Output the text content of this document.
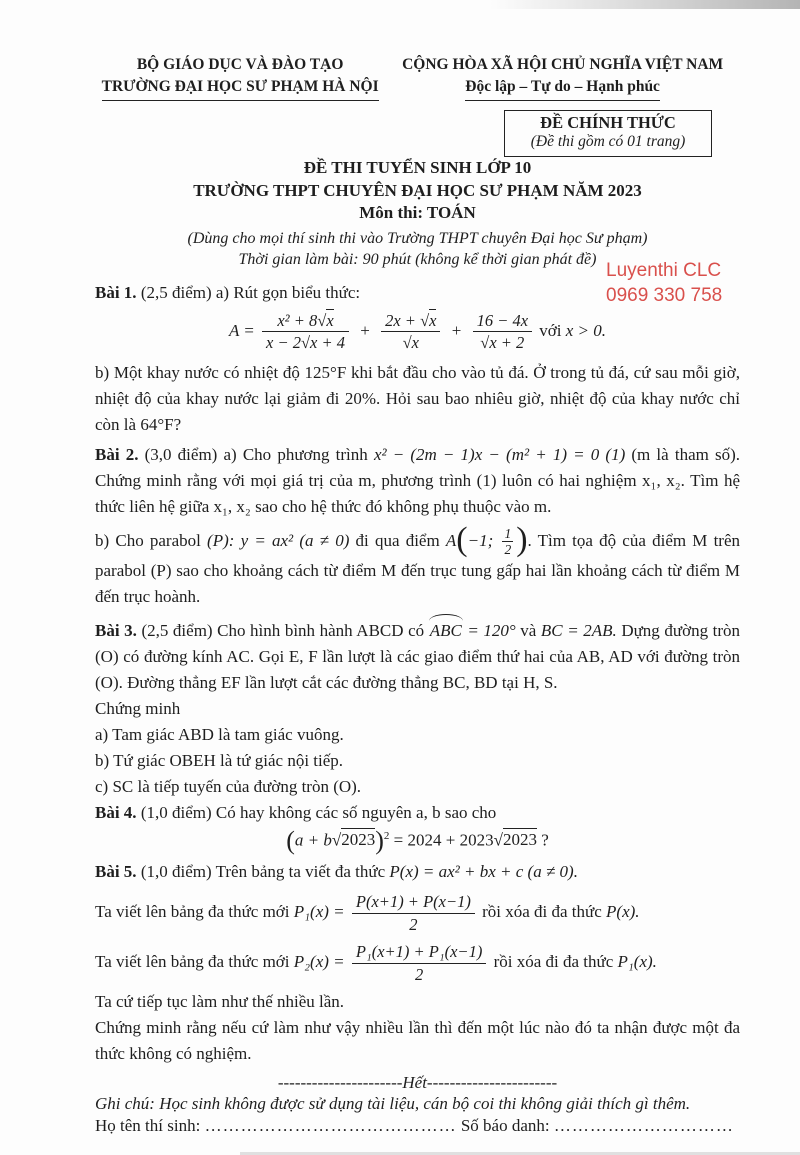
Luyenthi CLC
0969 330 758
BỘ GIÁO DỤC VÀ ĐÀO TẠO
TRƯỜNG ĐẠI HỌC SƯ PHẠM HÀ NỘI
CỘNG HÒA XÃ HỘI CHỦ NGHĨA VIỆT NAM
Độc lập – Tự do – Hạnh phúc
ĐỀ CHÍNH THỨC
(Đề thi gồm có 01 trang)
ĐỀ THI TUYỂN SINH LỚP 10
TRƯỜNG THPT CHUYÊN ĐẠI HỌC SƯ PHẠM NĂM 2023
Môn thi: TOÁN
(Dùng cho mọi thí sinh thi vào Trường THPT chuyên Đại học Sư phạm)
Thời gian làm bài: 90 phút (không kể thời gian phát đề)

Bài 1. (2,5 điểm) a) Rút gọn biểu thức:

$A = \frac{\text{x² + 8√x}}{x - 2√x + 4} + \frac{2x + √x}{√x} + \frac{16 - 4x}{√x + 2}$ với x > 0.

b) Một khay nước có nhiệt độ 125°F khi bắt đầu cho vào tủ đá. Ở trong tủ đá, cứ sau mỗi giờ, nhiệt độ của khay nước lại giảm đi 20%. Hỏi sau bao nhiêu giờ, nhiệt độ của khay nước chỉ còn là 64°F?

Bài 2. (3,0 điểm) a) Cho phương trình x² − (2m − 1)x − (m² + 1) = 0 (1) (m là tham số). Chứng minh rằng với mọi giá trị của m, phương trình (1) luôn có hai nghiệm x₁, x₂. Tìm hệ thức liên hệ giữa x₁, x₂ sao cho hệ thức đó không phụ thuộc vào m.

b) Cho parabol (P): y = ax² (a ≠ 0) đi qua điểm A(−1; $\frac{1}{2}$ ). Tìm tọa độ của điểm M trên parabol (P) sao cho khoảng cách từ điểm M đến trục tung gấp hai lần khoảng cách từ điểm M đến trục hoành.

Bài 3. (2,5 điểm) Cho hình bình hành ABCD có ABC = 120° và BC = 2AB. Dựng đường tròn (O) có đường kính AC. Gọi E, F lần lượt là các giao điểm thứ hai của AB, AD với đường tròn (O). Đường thẳng EF lần lượt cắt các đường thẳng BC, BD tại H, S.

Chứng minh

a) Tam giác ABD là tam giác vuông.

b) Tứ giác OBEH là tứ giác nội tiếp.

c) SC là tiếp tuyến của đường tròn (O).

Bài 4. (1,0 điểm) Có hay không các số nguyên a, b sao cho

$(a + b√2023)^2 = 2024 + 2023√2023$ ?

Bài 5. (1,0 điểm) Trên bảng ta viết đa thức P(x) = ax² + bx + c (a ≠ 0).

Ta viết lên bảng đa thức mới $P_1(x) = \frac{P(x+1) + P(x-1)}{2}$ rồi xóa đi đa thức P(x).

Ta viết lên bảng đa thức mới $P_2(x) = \frac{\text{P₁(x+1) + P₁(x−1)}}{2}$ rồi xóa đi đa thức P₁(x).

Ta cứ tiếp tục làm như thế nhiều lần.

Chứng minh rằng nếu cứ làm như vậy nhiều lần thì đến một lúc nào đó ta nhận được một đa thức không có nghiệm.

----------------------Hết-----------------------
Ghi chú: Học sinh không được sử dụng tài liệu, cán bộ coi thi không giải thích gì thêm.
Họ tên thí sinh: …………………………………… Số báo danh: …………………………
